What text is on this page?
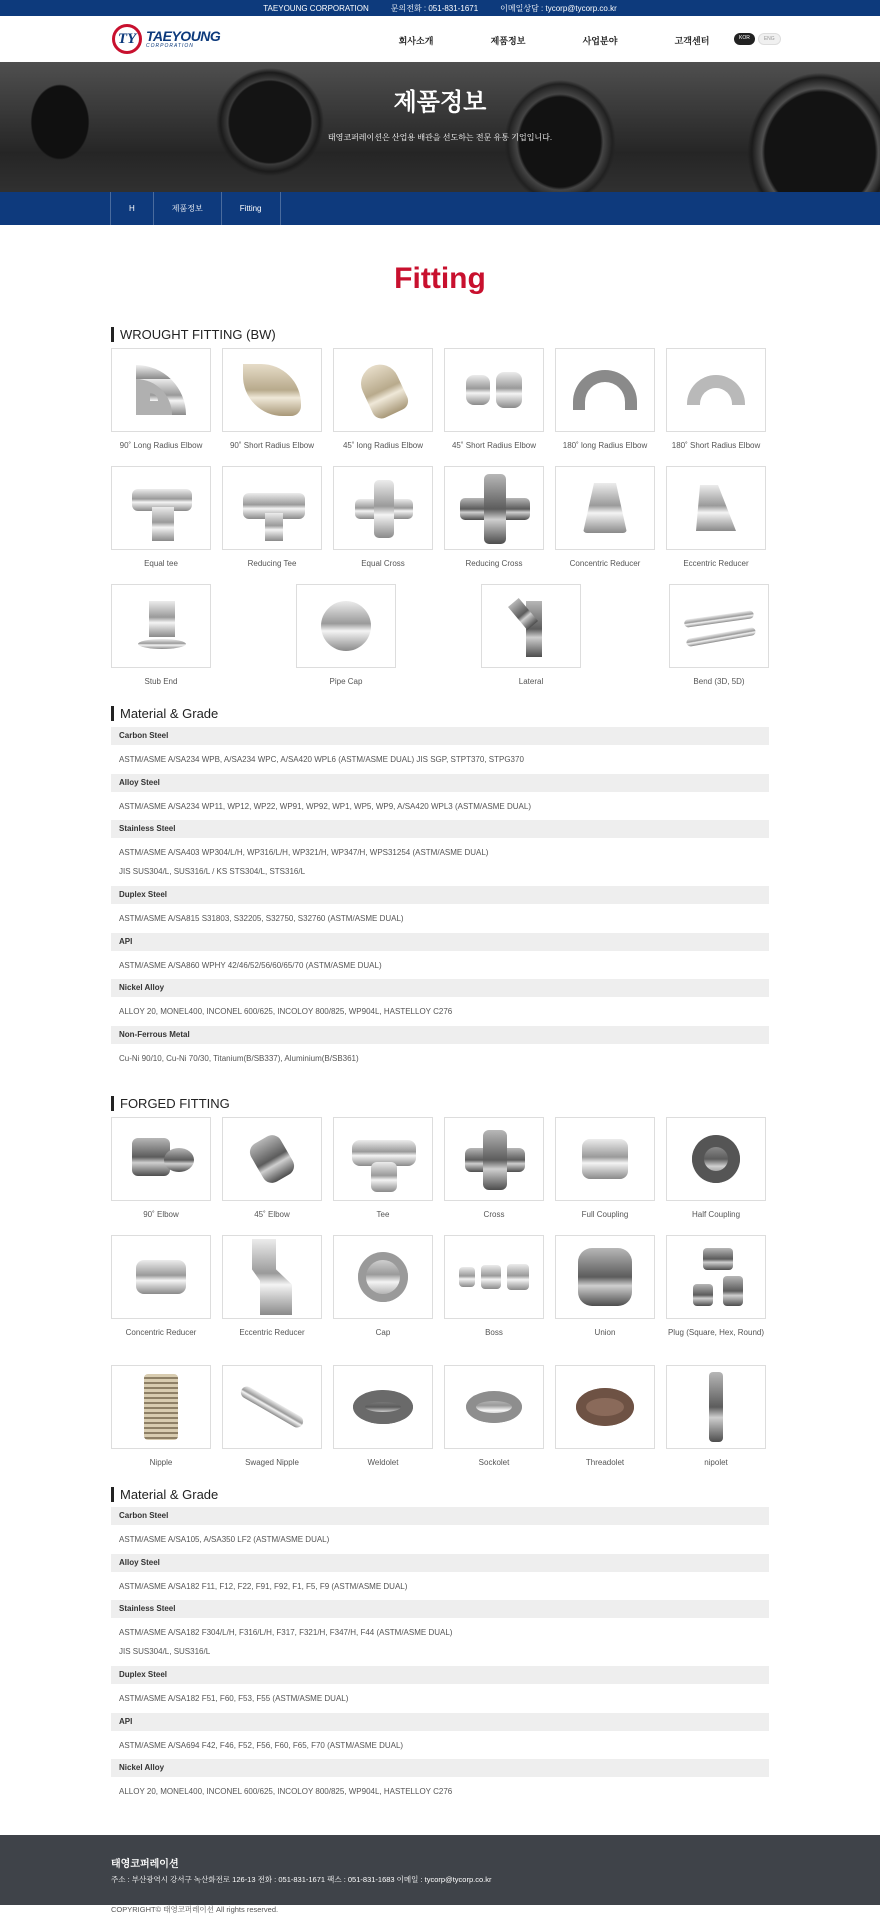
TAEYOUNG CORPORATION	문의전화 : 051-831-1671	이메일상담 : tycorp@tycorp.co.kr
TY TAEYOUNG
CORPORATION	회사소개	제품정보	사업분야	고객센터	KOR	ENG
제품정보
태영코퍼레이션은 산업용 배관을 선도하는 전문 유통 기업입니다.
H	제품정보	Fitting
Fitting
WROUGHT FITTING (BW)
90˚ Long Radius Elbow	90˚ Short Radius Elbow	45˚ long Radius Elbow	45˚ Short Radius Elbow	180˚ long Radius Elbow	180˚ Short Radius Elbow
Equal tee	Reducing Tee	Equal Cross	Reducing Cross	Concentric Reducer	Eccentric Reducer
Stub End	Pipe Cap	Lateral	Bend (3D, 5D)
Material & Grade
Carbon Steel
ASTM/ASME A/SA234 WPB, A/SA234 WPC, A/SA420 WPL6 (ASTM/ASME DUAL) JIS SGP, STPT370, STPG370
Alloy Steel
ASTM/ASME A/SA234 WP11, WP12, WP22, WP91, WP92, WP1, WP5, WP9, A/SA420 WPL3 (ASTM/ASME DUAL)
Stainless Steel
ASTM/ASME A/SA403 WP304/L/H, WP316/L/H, WP321/H, WP347/H, WPS31254 (ASTM/ASME DUAL)
JIS SUS304/L, SUS316/L / KS STS304/L, STS316/L
Duplex Steel
ASTM/ASME A/SA815 S31803, S32205, S32750, S32760 (ASTM/ASME DUAL)
API
ASTM/ASME A/SA860 WPHY 42/46/52/56/60/65/70 (ASTM/ASME DUAL)
Nickel Alloy
ALLOY 20, MONEL400, INCONEL 600/625, INCOLOY 800/825, WP904L, HASTELLOY C276
Non-Ferrous Metal
Cu-Ni 90/10, Cu-Ni 70/30, Titanium(B/SB337), Aluminium(B/SB361)
FORGED FITTING
90˚ Elbow	45˚ Elbow	Tee	Cross	Full Coupling	Half Coupling
Concentric Reducer	Eccentric Reducer	Cap	Boss	Union	Plug (Square, Hex, Round)
Nipple	Swaged Nipple	Weldolet	Sockolet	Threadolet	nipolet
Material & Grade
Carbon Steel
ASTM/ASME A/SA105, A/SA350 LF2 (ASTM/ASME DUAL)
Alloy Steel
ASTM/ASME A/SA182 F11, F12, F22, F91, F92, F1, F5, F9 (ASTM/ASME DUAL)
Stainless Steel
ASTM/ASME A/SA182 F304/L/H, F316/L/H, F317, F321/H, F347/H, F44 (ASTM/ASME DUAL)
JIS SUS304/L, SUS316/L
Duplex Steel
ASTM/ASME A/SA182 F51, F60, F53, F55 (ASTM/ASME DUAL)
API
ASTM/ASME A/SA694 F42, F46, F52, F56, F60, F65, F70 (ASTM/ASME DUAL)
Nickel Alloy
ALLOY 20, MONEL400, INCONEL 600/625, INCOLOY 800/825, WP904L, HASTELLOY C276
태영코퍼레이션
주소 : 부산광역시 강서구 녹산화전로 126-13 전화 : 051-831-1671 팩스 : 051-831-1683 이메일 : tycorp@tycorp.co.kr
COPYRIGHT© 태영코퍼레이션 All rights reserved.
